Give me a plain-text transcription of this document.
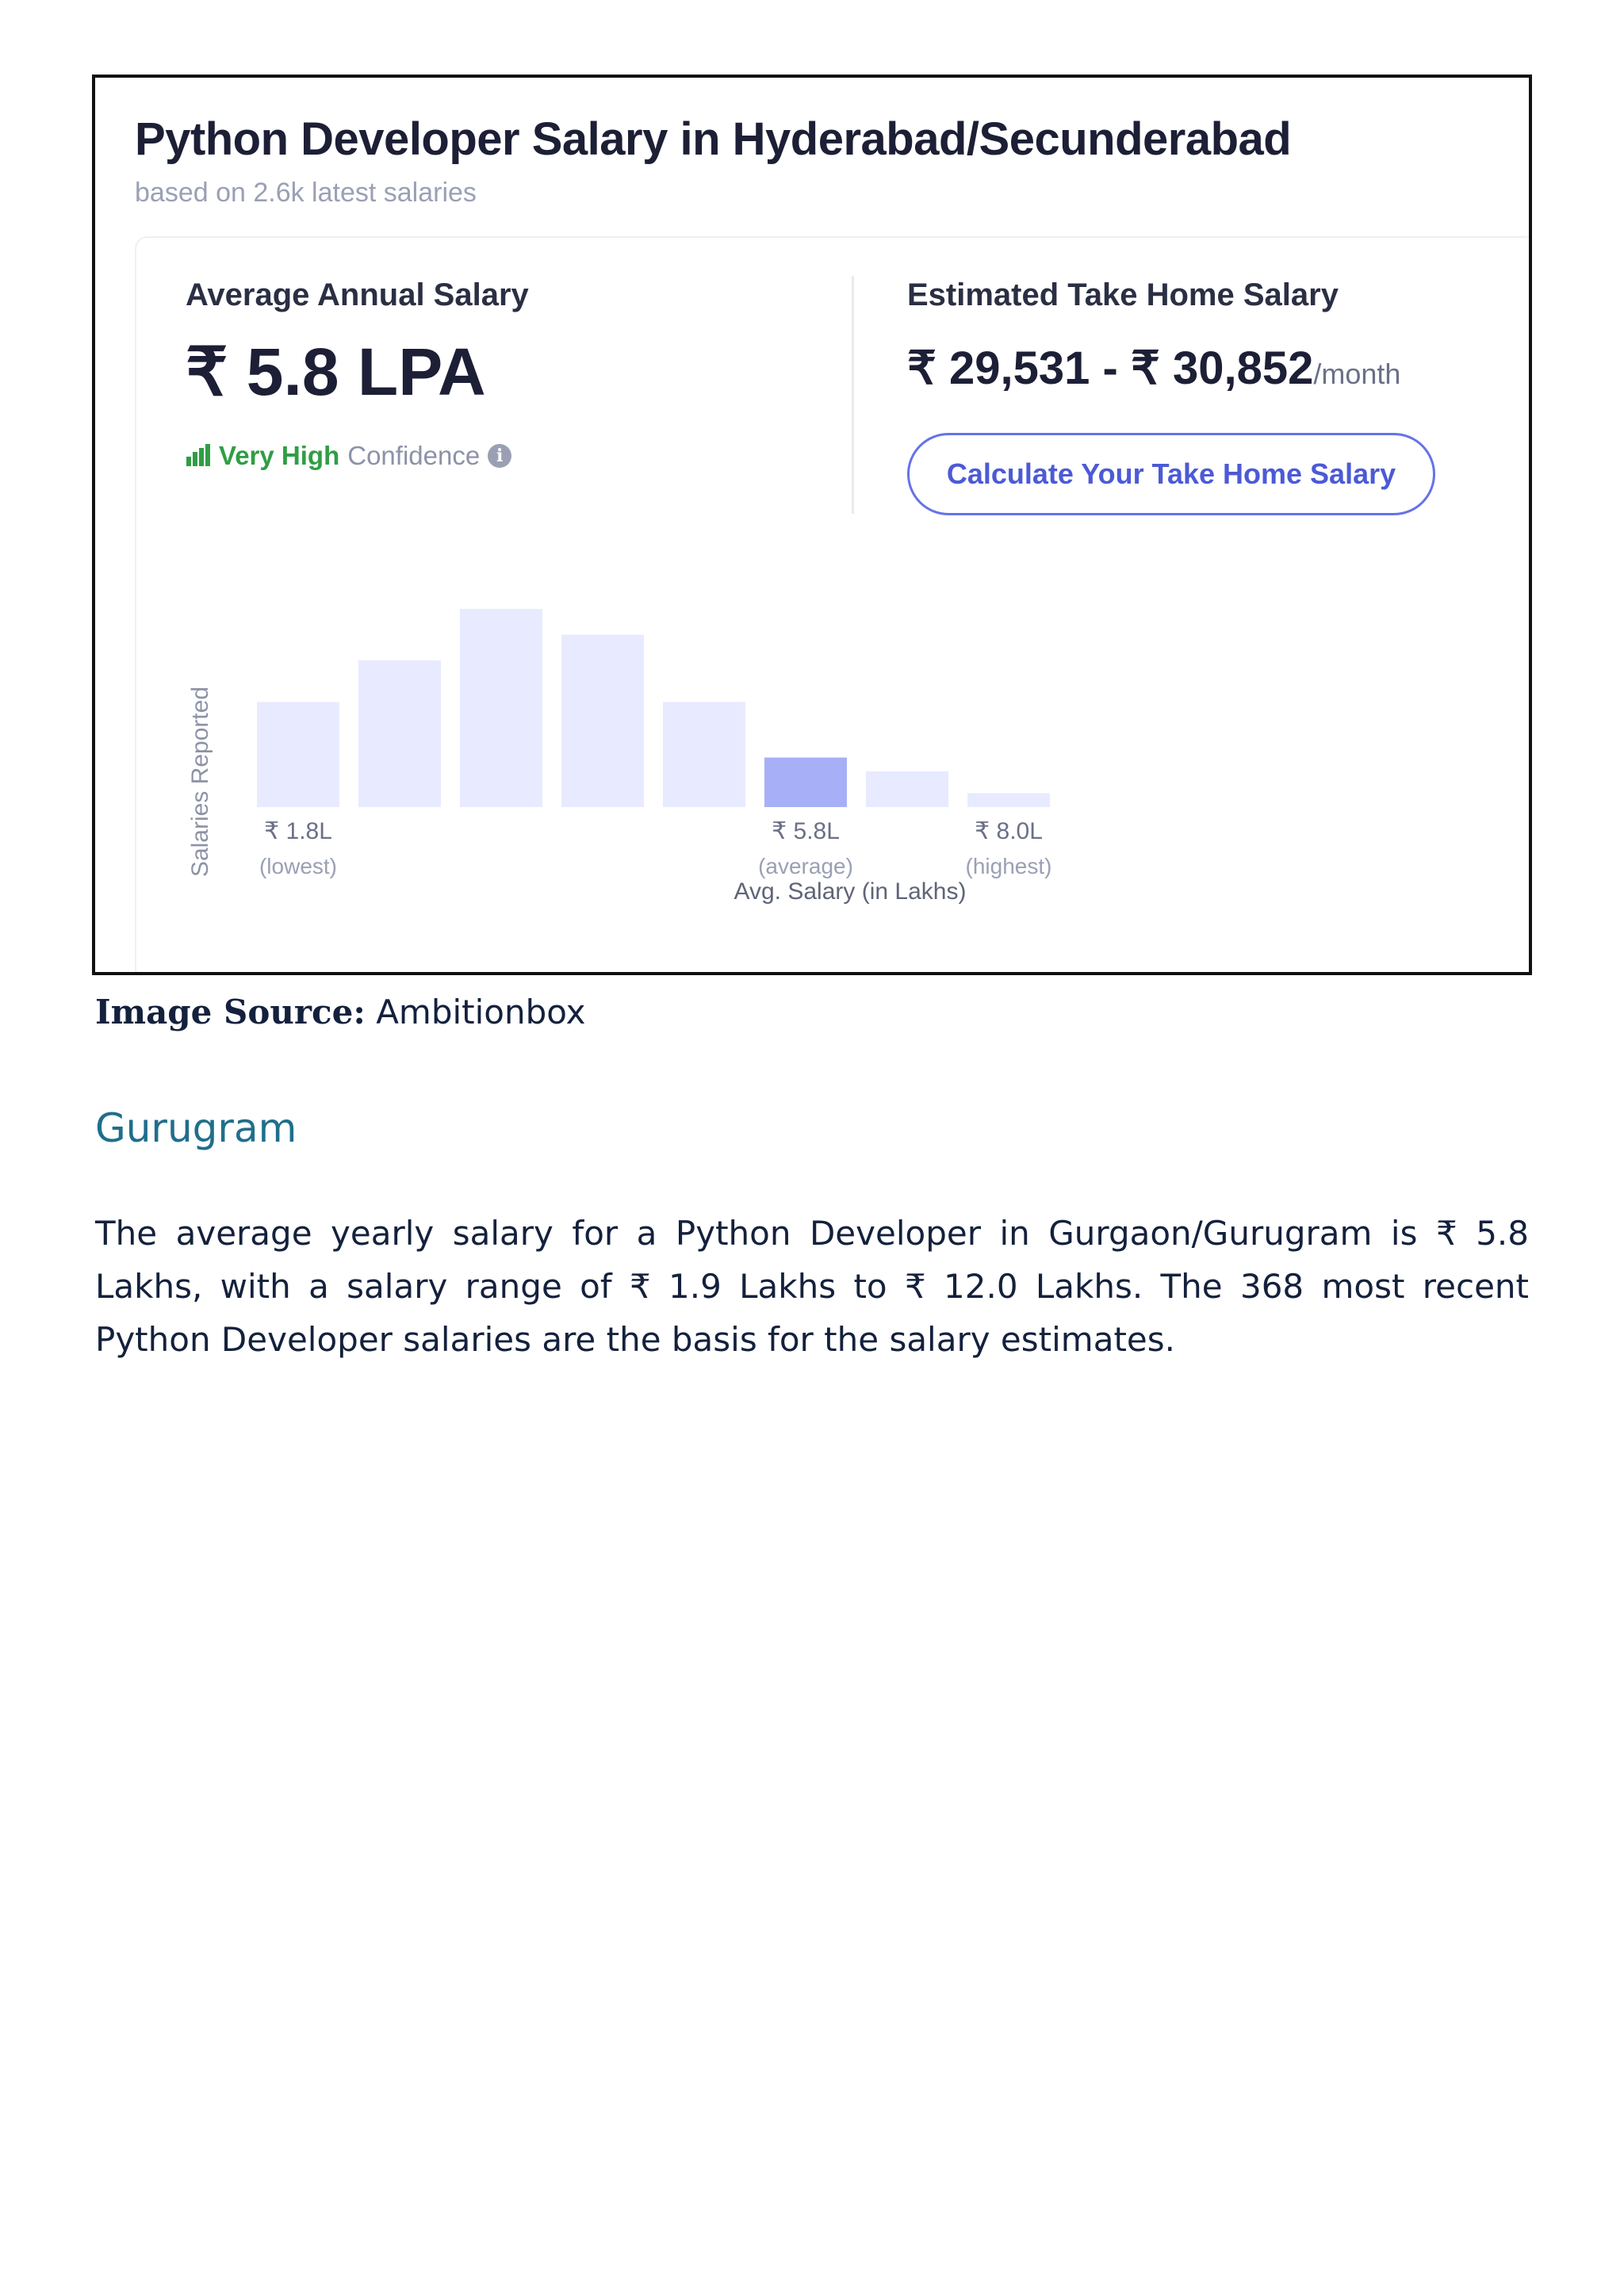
Python Developer Salary in Hyderabad/Secunderabad
based on 2.6k latest salaries
Average Annual Salary
₹ 5.8 LPA
Very High Confidence i
Estimated Take Home Salary
₹ 29,531 - ₹ 30,852/month
Calculate Your Take Home Salary
Salaries Reported ₹ 1.8L
(lowest)
₹ 5.8L
(average)
₹ 8.0L
(highest)
Avg. Salary (in Lakhs)
Image Source: Ambitionbox
Gurugram

The average yearly salary for a Python Developer in Gurgaon/Gurugram is ₹ 5.8 Lakhs, with a salary range of ₹ 1.9 Lakhs to ₹ 12.0 Lakhs. The 368 most recent Python Developer salaries are the basis for the salary estimates.
